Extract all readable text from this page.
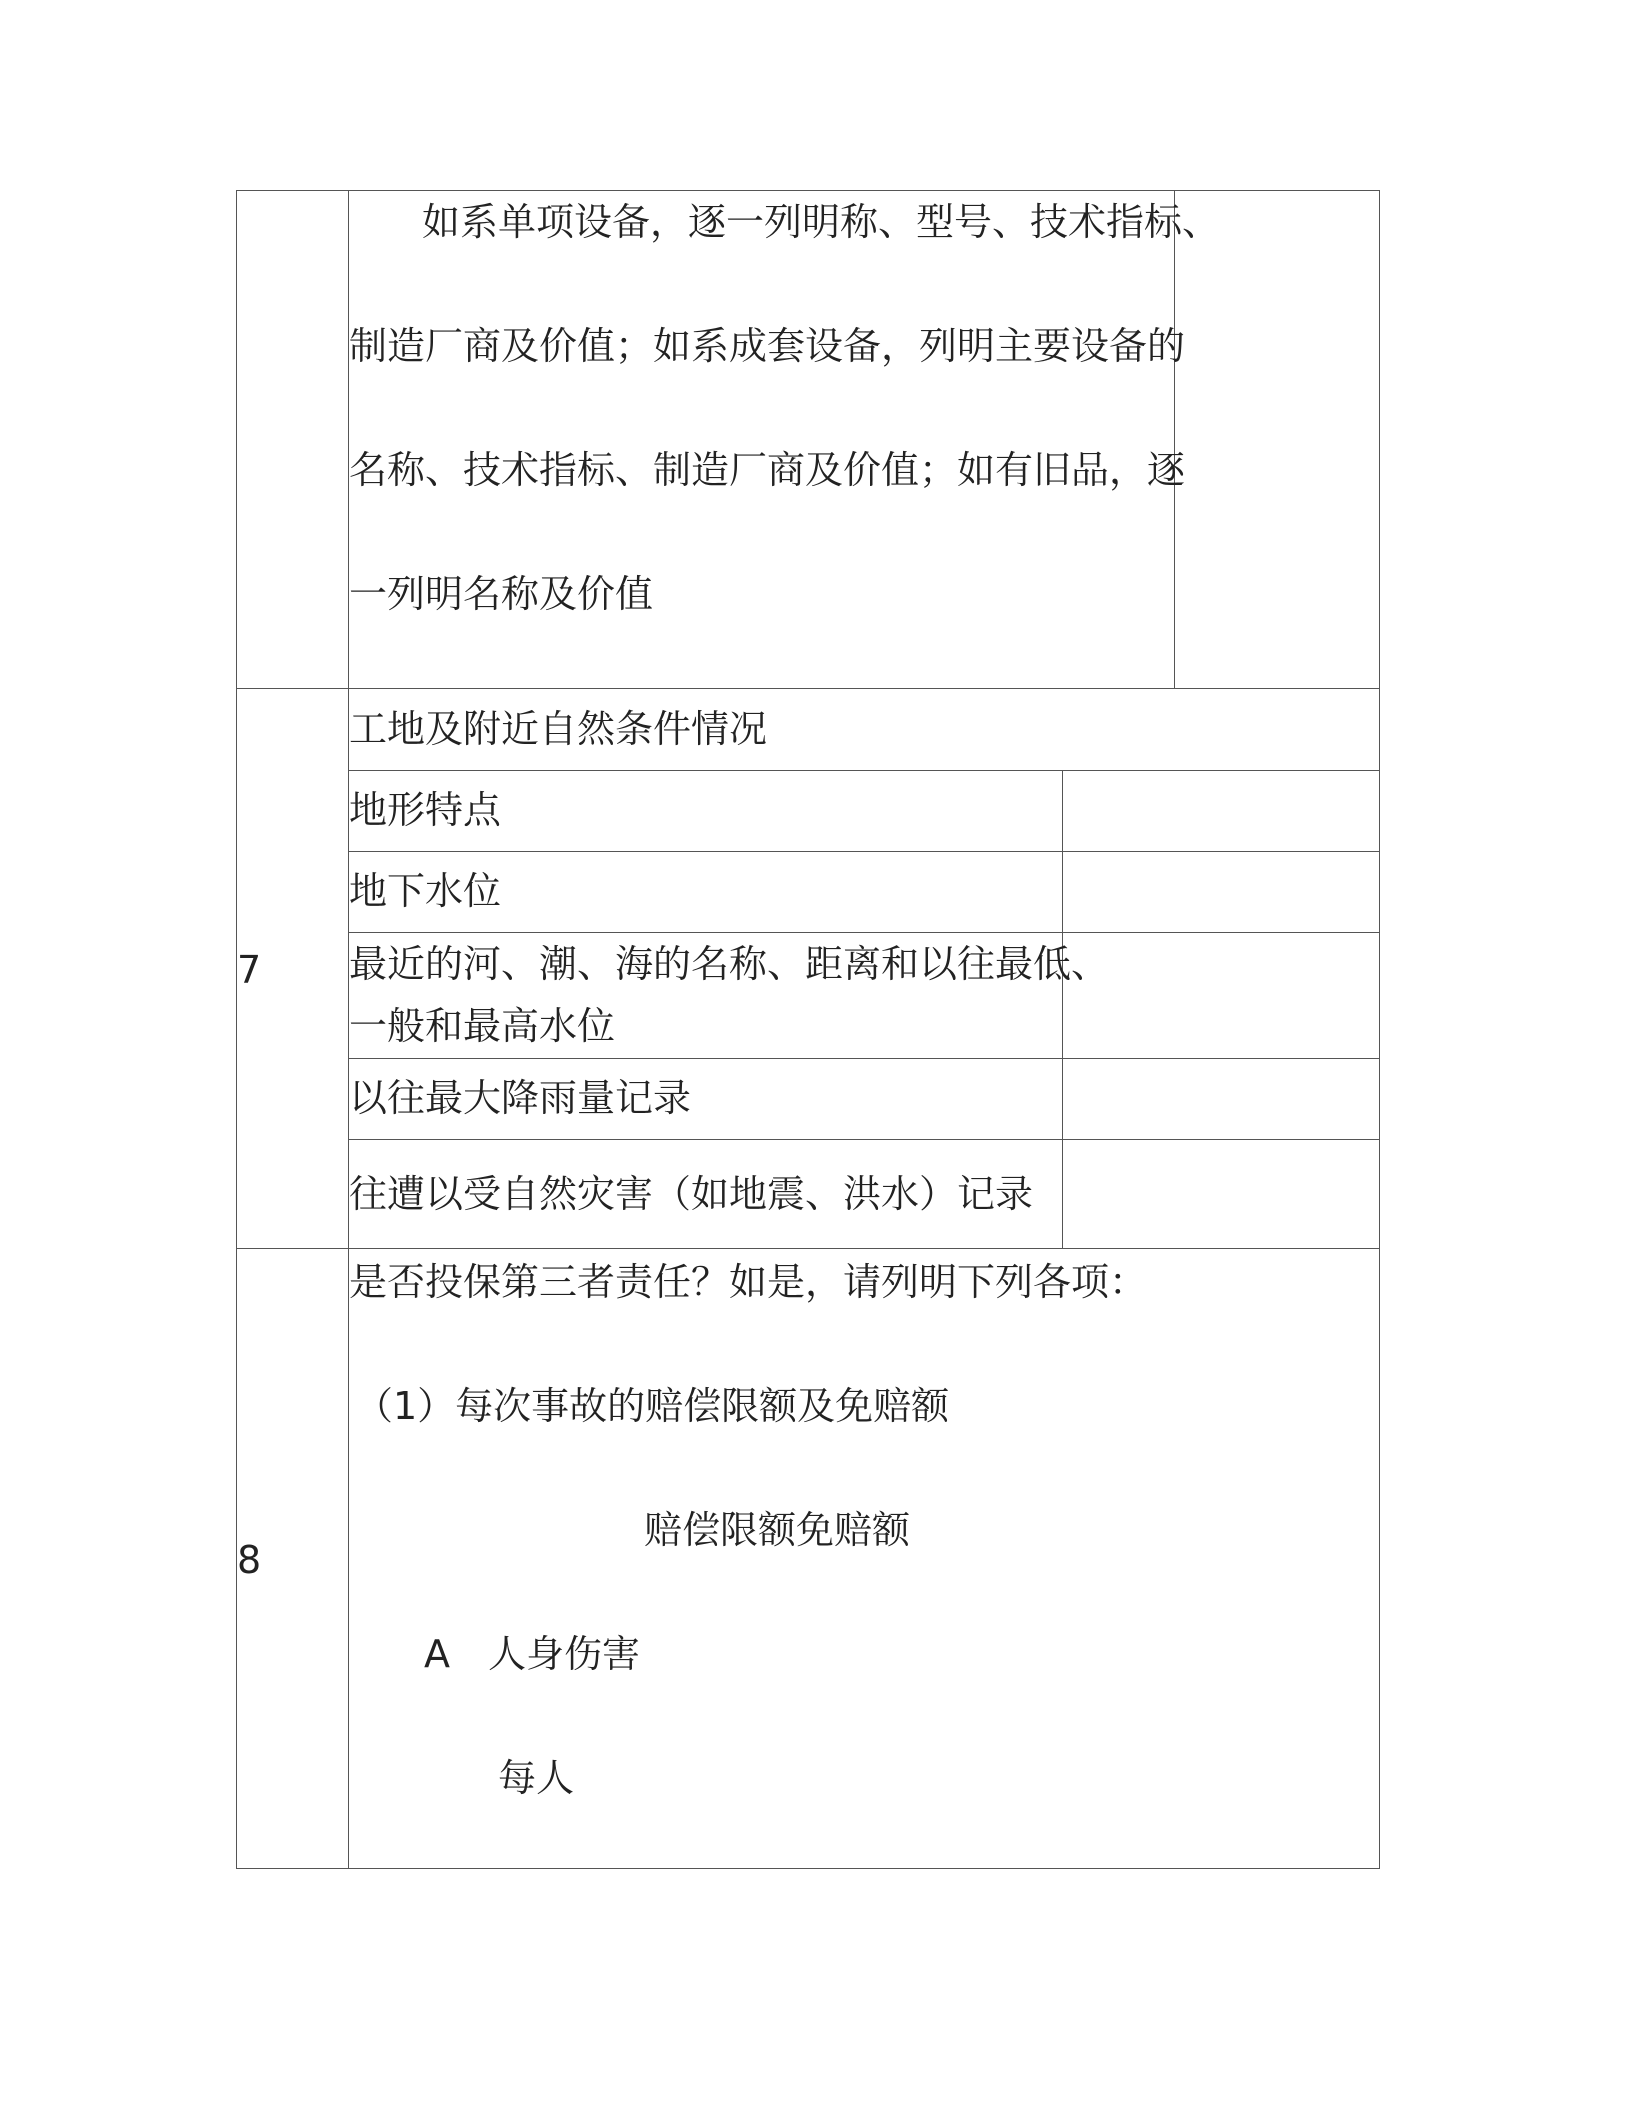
如系单项设备，逐一列明称、型号、技术指标、
制造厂商及价值；如系成套设备，列明主要设备的
名称、技术指标、制造厂商及价值；如有旧品，逐
一列明名称及价值
7
工地及附近自然条件情况
地形特点
地下水位
最近的河、潮、海的名称、距离和以往最低、
一般和最高水位
以往最大降雨量记录
往遭以受自然灾害（如地震、洪水）记录
8
是否投保第三者责任？如是，请列明下列各项：
（1）每次事故的赔偿限额及免赔额
赔偿限额免赔额
A 人身伤害
每人
